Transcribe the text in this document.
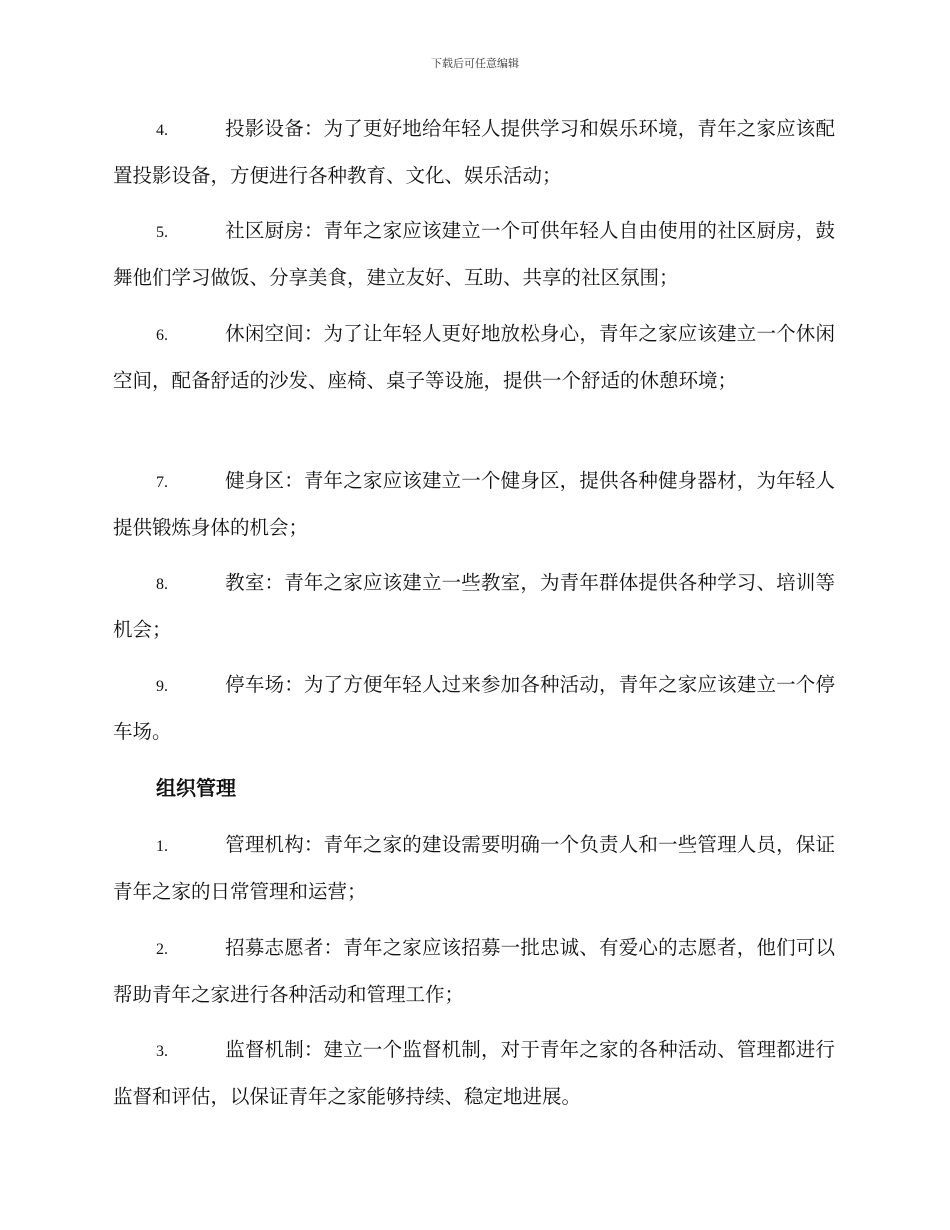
下载后可任意编辑
4.	投影设备：为了更好地给年轻人提供学习和娱乐环境，青年之家应该配置投影设备，方便进行各种教育、文化、娱乐活动；
5.	社区厨房：青年之家应该建立一个可供年轻人自由使用的社区厨房，鼓舞他们学习做饭、分享美食，建立友好、互助、共享的社区氛围；
6.	休闲空间：为了让年轻人更好地放松身心，青年之家应该建立一个休闲空间，配备舒适的沙发、座椅、桌子等设施，提供一个舒适的休憩环境；
7.	健身区：青年之家应该建立一个健身区，提供各种健身器材，为年轻人提供锻炼身体的机会；
8.	教室：青年之家应该建立一些教室，为青年群体提供各种学习、培训等机会；
9.	停车场：为了方便年轻人过来参加各种活动，青年之家应该建立一个停车场。
组织管理
1.	管理机构：青年之家的建设需要明确一个负责人和一些管理人员，保证青年之家的日常管理和运营；
2.	招募志愿者：青年之家应该招募一批忠诚、有爱心的志愿者，他们可以帮助青年之家进行各种活动和管理工作；
3.	监督机制：建立一个监督机制，对于青年之家的各种活动、管理都进行监督和评估，以保证青年之家能够持续、稳定地进展。
